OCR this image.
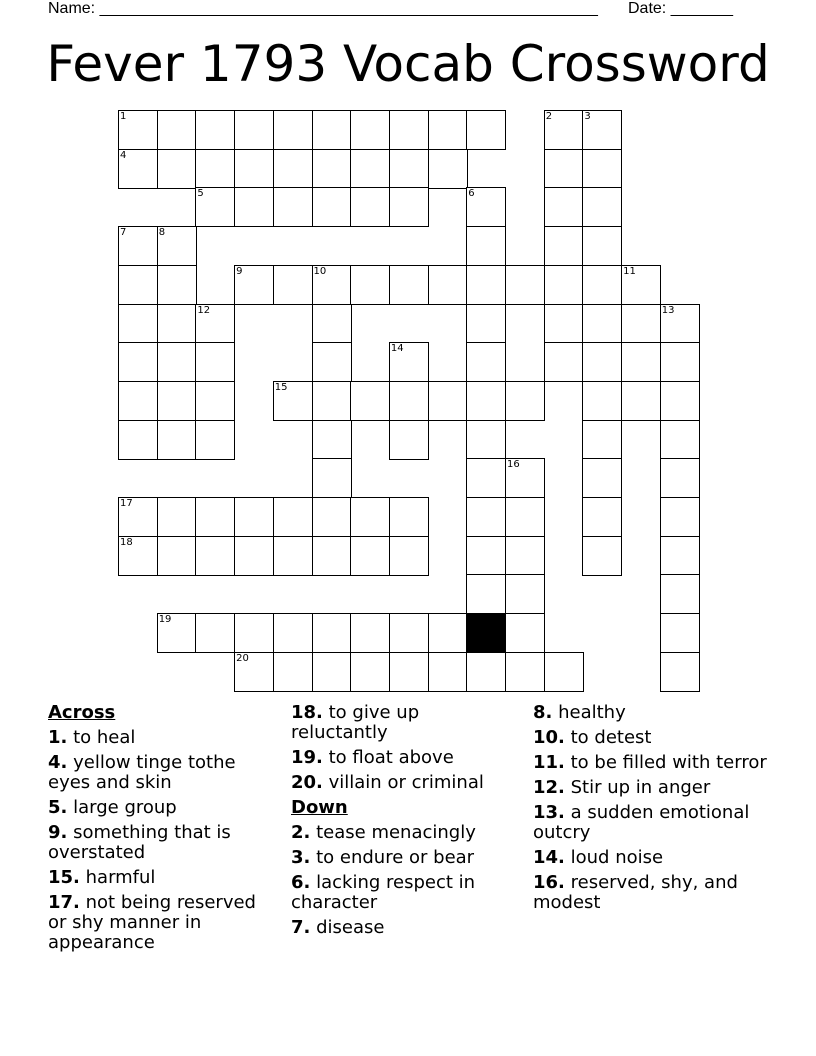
Name: ________________________________________________________ Date: _______
Fever 1793 Vocab Crossword
1
4
5
7	8
9	10	11
12
15
17
18
19
20
2	3
6
14
13
16
Across
1. to heal
4. yellow tinge tothe eyes and skin
5. large group
9. something that is overstated
15. harmful
17. not being reserved or shy manner in appearance
18. to give up reluctantly
19. to float above
20. villain or criminal
Down
2. tease menacingly
3. to endure or bear
6. lacking respect in character
7. disease
8. healthy
10. to detest
11. to be filled with terror
12. Stir up in anger
13. a sudden emotional outcry
14. loud noise
16. reserved, shy, and modest
